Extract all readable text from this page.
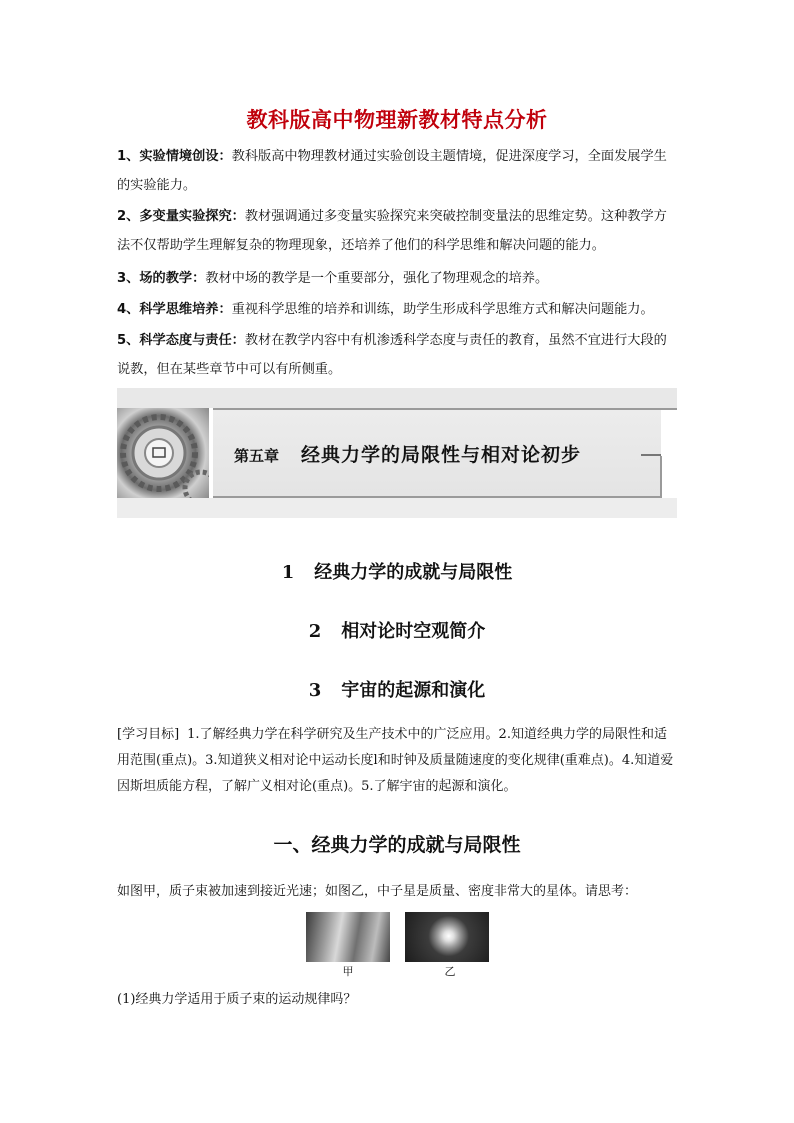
教科版高中物理新教材特点分析

1、实验情境创设：教科版高中物理教材通过实验创设主题情境，促进深度学习，全面发展学生的实验能力。

2、多变量实验探究：教材强调通过多变量实验探究来突破控制变量法的思维定势。这种教学方法不仅帮助学生理解复杂的物理现象，还培养了他们的科学思维和解决问题的能力。

3、场的教学：教材中场的教学是一个重要部分，强化了物理观念的培养。

4、科学思维培养：重视科学思维的培养和训练，助学生形成科学思维方式和解决问题能力。

5、科学态度与责任：教材在教学内容中有机渗透科学态度与责任的教育，虽然不宜进行大段的说教，但在某些章节中可以有所侧重。

第五章 经典力学的局限性与相对论初步
1 经典力学的成就与局限性
2 相对论时空观简介
3 宇宙的起源和演化

[学习目标] 1.了解经典力学在科学研究及生产技术中的广泛应用。2.知道经典力学的局限性和适用范围(重点)。3.知道狭义相对论中运动长度l和时钟及质量随速度的变化规律(重难点)。4.知道爱因斯坦质能方程，了解广义相对论(重点)。5.了解宇宙的起源和演化。

一、经典力学的成就与局限性
如图甲，质子束被加速到接近光速；如图乙，中子星是质量、密度非常大的星体。请思考：
甲	乙
(1)经典力学适用于质子束的运动规律吗？
